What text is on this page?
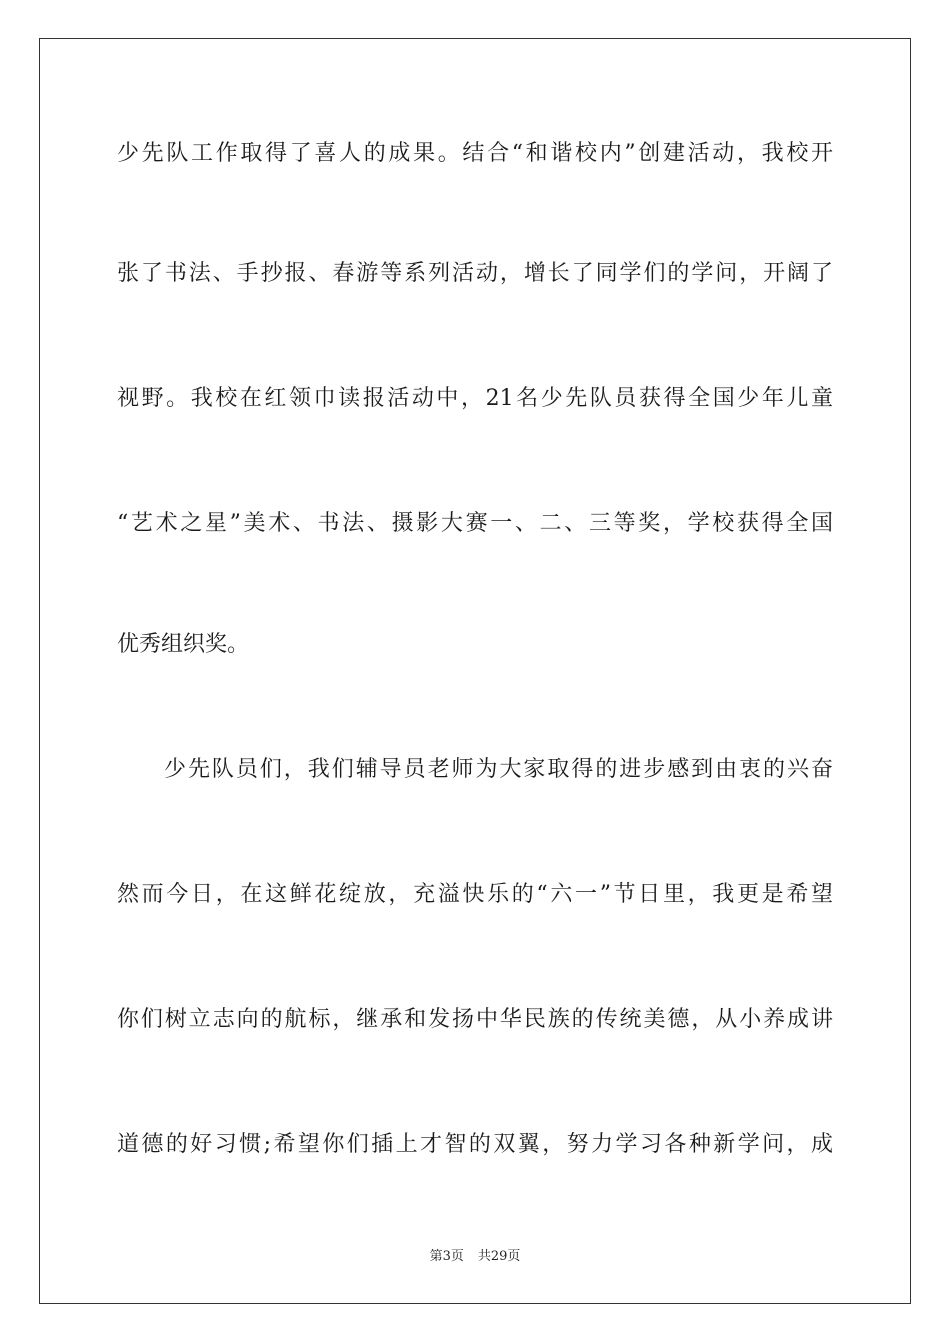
少先队工作取得了喜人的成果。结合“和谐校内”创建活动，我校开
张了书法、手抄报、春游等系列活动，增长了同学们的学问，开阔了
视野。我校在红领巾读报活动中，21名少先队员获得全国少年儿童
“艺术之星”美术、书法、摄影大赛一、二、三等奖，学校获得全国
优秀组织奖。
少先队员们，我们辅导员老师为大家取得的进步感到由衷的兴奋
然而今日，在这鲜花绽放，充溢快乐的“六一”节日里，我更是希望
你们树立志向的航标，继承和发扬中华民族的传统美德，从小养成讲
道德的好习惯;希望你们插上才智的双翼，努力学习各种新学问，成
第3页 共29页
